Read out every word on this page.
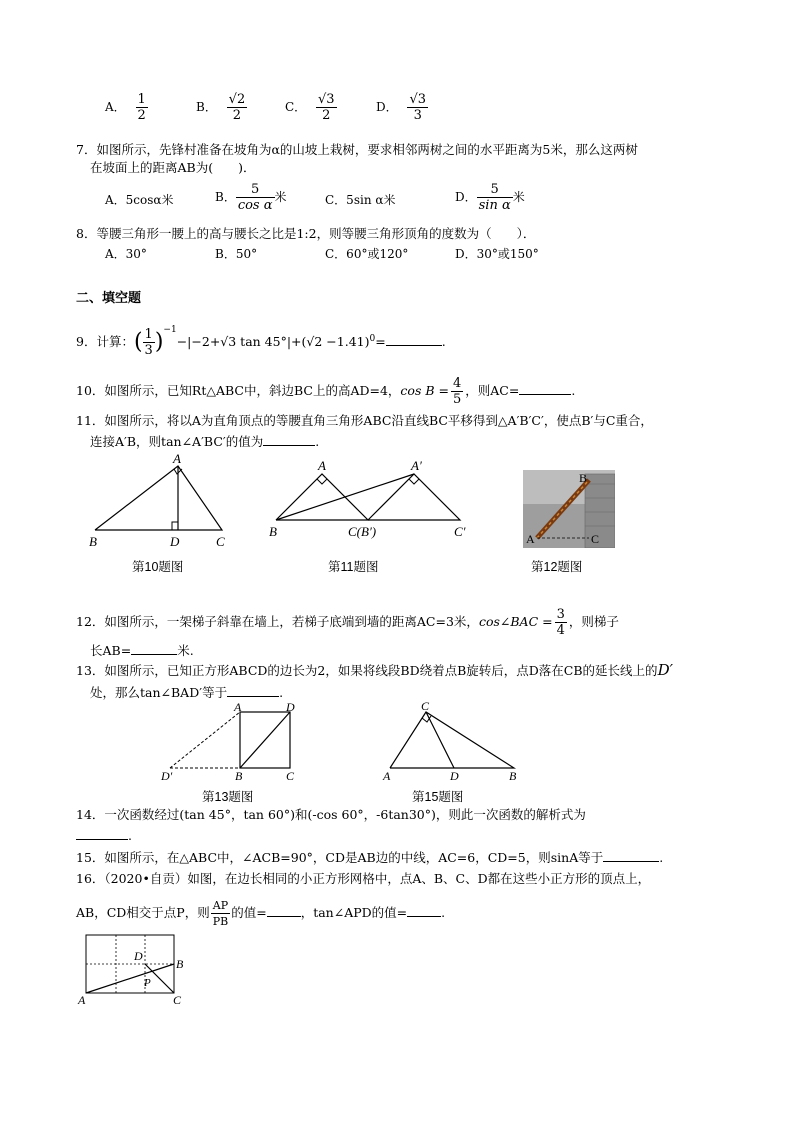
A． $\frac{1}{2}$	B． $\frac{√2}{2}$	C． $\frac{√3}{2}$	D． $\frac{√3}{3}$
7．如图所示，先锋村准备在坡角为α的山坡上栽树，要求相邻两树之间的水平距离为5米，那么这两树
在坡面上的距离AB为(　　)．
A．5cosα米	B． $\frac{5}{\text{cos α}}$ 米	C．5sin α米	D． $\frac{5}{\text{sin α}}$ 米
8．等腰三角形一腰上的高与腰长之比是1:2，则等腰三角形顶角的度数为（　　）．
A．30°	B．50°	C．60°或120°	D．30°或150°
二、填空题
9．计算：( $\frac{1}{3} )^{-1}-|-2+√3$ $\tan 45^\circ|+(√2 -1.41)^0=$	.
10．如图所示，已知Rt△ABC中，斜边BC上的高AD=4，$\cos B = \frac{4}{5}$ ，则AC=	.
11．如图所示，将以A为直角顶点的等腰直角三角形ABC沿直线BC平移得到△A′B′C′，使点B′与C重合，
连接A′B，则tan∠A′BC′的值为	.
A
B	D	C
第10题图
A	A′
B	C(B′)	C′
第11题图
A
B
C
第12题图
12．如图所示，一架梯子斜靠在墙上，若梯子底端到墙的距离AC=3米，cos∠BAC = $\frac{3}{4}$ ，则梯子
长AB=	米.
13．如图所示，已知正方形ABCD的边长为2，如果将线段BD绕着点B旋转后，点D落在CB的延长线上的D′
处，那么tan∠BAD′等于	.
A	D
B	C
D′
第13题图
C
A	D	B
第15题图
14．一次函数经过(tan 45°，tan 60°)和(-cos 60°，-6tan30°)，则此一次函数的解析式为
.
15．如图所示，在△ABC中，∠ACB=90°，CD是AB边的中线，AC=6，CD=5，则sinA等于	.
16．（2020•自贡）如图，在边长相同的小正方形网格中，点A、B、C、D都在这些小正方形的顶点上，
AB，CD相交于点P，则 $\frac{AP}{PB}$ 的值=	，tan∠APD的值=	.
A
B
C
D
P
